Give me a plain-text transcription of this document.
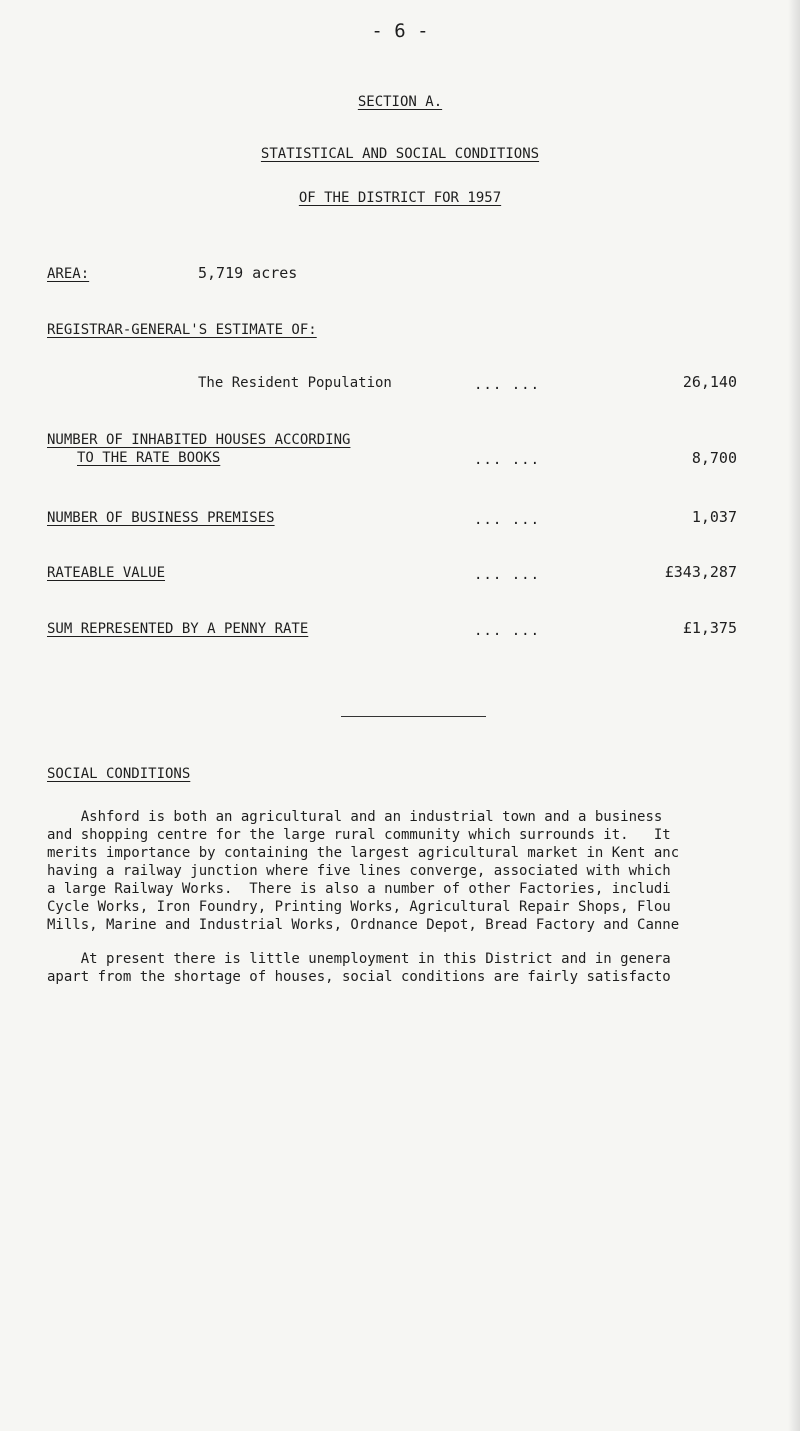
- 6 -
SECTION A.
STATISTICAL AND SOCIAL CONDITIONS
OF THE DISTRICT FOR 1957
AREA:	5,719 acres
REGISTRAR-GENERAL'S ESTIMATE OF:
The Resident Population	... ...	26,140
NUMBER OF INHABITED HOUSES ACCORDING
TO THE RATE BOOKS	... ...	8,700
NUMBER OF BUSINESS PREMISES	... ...	1,037
RATEABLE VALUE	... ...	£343,287
SUM REPRESENTED BY A PENNY RATE	... ...	£1,375
SOCIAL CONDITIONS
Ashford is both an agricultural and an industrial town and a business
and shopping centre for the large rural community which surrounds it.   It
merits importance by containing the largest agricultural market in Kent anc
having a railway junction where five lines converge, associated with which
a large Railway Works.  There is also a number of other Factories, includi
Cycle Works, Iron Foundry, Printing Works, Agricultural Repair Shops, Flou
Mills, Marine and Industrial Works, Ordnance Depot, Bread Factory and Canne
At present there is little unemployment in this District and in genera
apart from the shortage of houses, social conditions are fairly satisfacto
